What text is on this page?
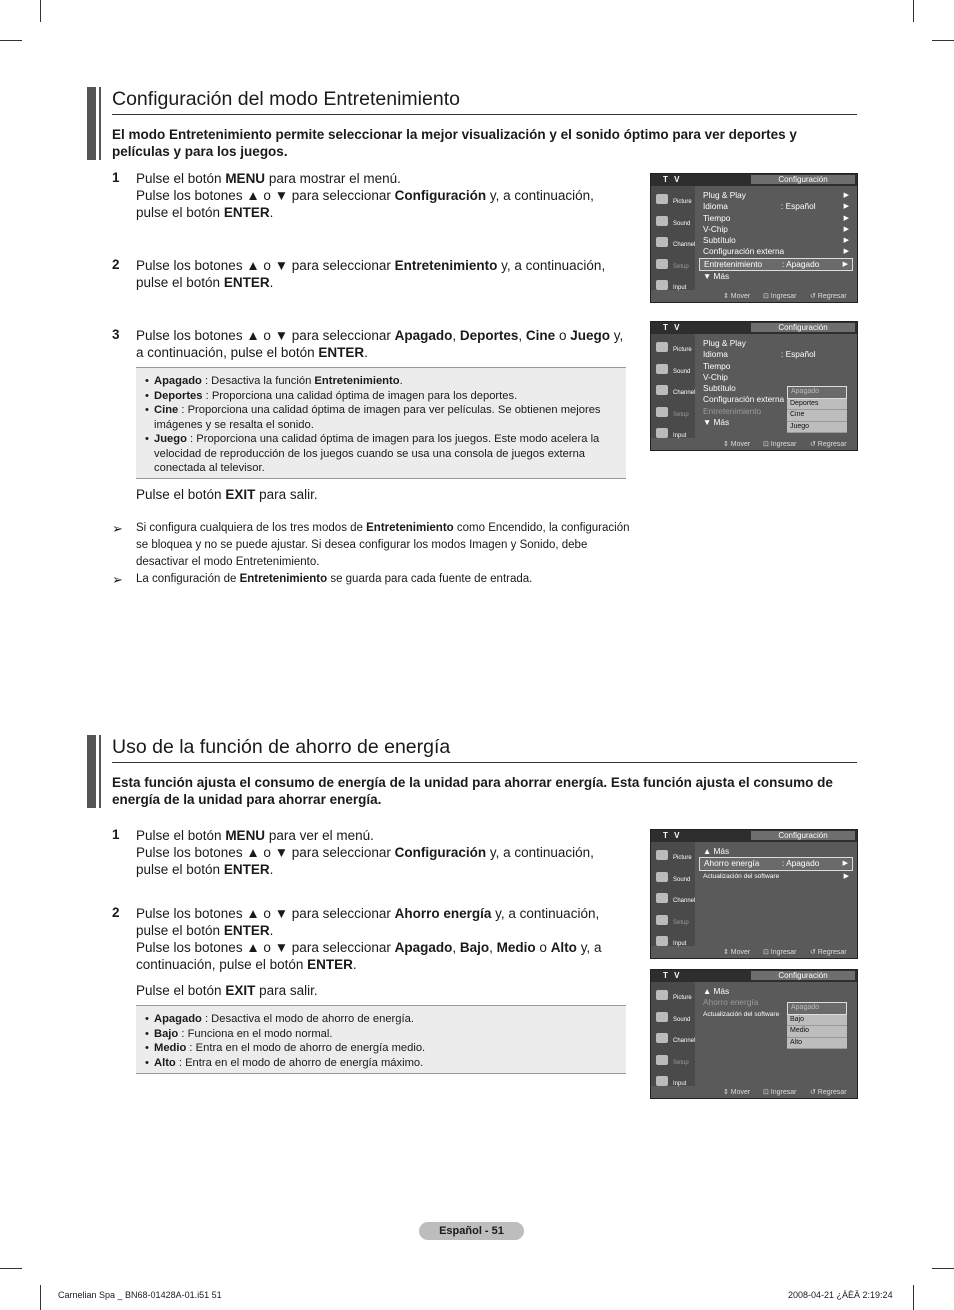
Configuración del modo Entretenimiento
El modo Entretenimiento permite seleccionar la mejor visualización y el sonido óptimo para ver deportes y películas y para los juegos.
1 Pulse el botón MENU para mostrar el menú.
Pulse los botones ▲ o ▼ para seleccionar Configuración y, a continuación, pulse el botón ENTER.
2 Pulse los botones ▲ o ▼ para seleccionar Entretenimiento y, a continuación, pulse el botón ENTER.
3 Pulse los botones ▲ o ▼ para seleccionar Apagado, Deportes, Cine o Juego y, a continuación, pulse el botón ENTER.
• Apagado : Desactiva la función Entretenimiento.
• Deportes : Proporciona una calidad óptima de imagen para los deportes.
• Cine : Proporciona una calidad óptima de imagen para ver películas. Se obtienen mejores imágenes y se resalta el sonido.
• Juego : Proporciona una calidad óptima de imagen para los juegos. Este modo acelera la velocidad de reproducción de los juegos cuando se usa una consola de juegos externa conectada al televisor.
Pulse el botón EXIT para salir.
➢ Si configura cualquiera de los tres modos de Entretenimiento como Encendido, la configuración se bloquea y no se puede ajustar. Si desea configurar los modos Imagen y Sonido, debe desactivar el modo Entretenimiento.
➢ La configuración de Entretenimiento se guarda para cada fuente de entrada.
T V	Configuración
Picture
Sound
Channel
Setup
Input
Plug & Play	▶
Idioma	: Español	▶
Tiempo	▶
V-Chip	▶
Subtítulo	▶
Configuración externa	▶
Entretenimiento : Apagado	▶
▼ Más
⇕ Mover ⊡ Ingresar ↺ Regresar
T V	Configuración
Picture
Sound
Channel
Setup
Input
Plug & Play
Idioma	: Español
Tiempo
V-Chip
Subtítulo
Configuración externa
Entretenimiento
▼ Más
Apagado
Deportes
Cine
Juego
⇕ Mover ⊡ Ingresar ↺ Regresar
T V	Configuración
Picture
Sound
Channel
Setup
Input
▲ Más
Ahorro energía	: Apagado	▶
Actualización del software	▶
⇕ Mover ⊡ Ingresar ↺ Regresar
T V	Configuración
Picture
Sound
Channel
Setup
Input
▲ Más
Ahorro energía
Actualización del software
Apagado
Bajo
Medio
Alto
⇕ Mover ⊡ Ingresar ↺ Regresar
Uso de la función de ahorro de energía
Esta función ajusta el consumo de energía de la unidad para ahorrar energía. Esta función ajusta el consumo de energía de la unidad para ahorrar energía.
1 Pulse el botón MENU para ver el menú.
Pulse los botones ▲ o ▼ para seleccionar Configuración y, a continuación, pulse el botón ENTER.
2 Pulse los botones ▲ o ▼ para seleccionar Ahorro energía y, a continuación, pulse el botón ENTER.
Pulse los botones ▲ o ▼ para seleccionar Apagado, Bajo, Medio o Alto y, a continuación, pulse el botón ENTER.
Pulse el botón EXIT para salir.
• Apagado : Desactiva el modo de ahorro de energía.
• Bajo : Funciona en el modo normal.
• Medio : Entra en el modo de ahorro de energía medio.
• Alto : Entra en el modo de ahorro de energía máximo.
Español - 51
Carnelian Spa _ BN68-01428A-01.i51 51	2008-04-21 ¿ÀÈÄ 2:19:24
